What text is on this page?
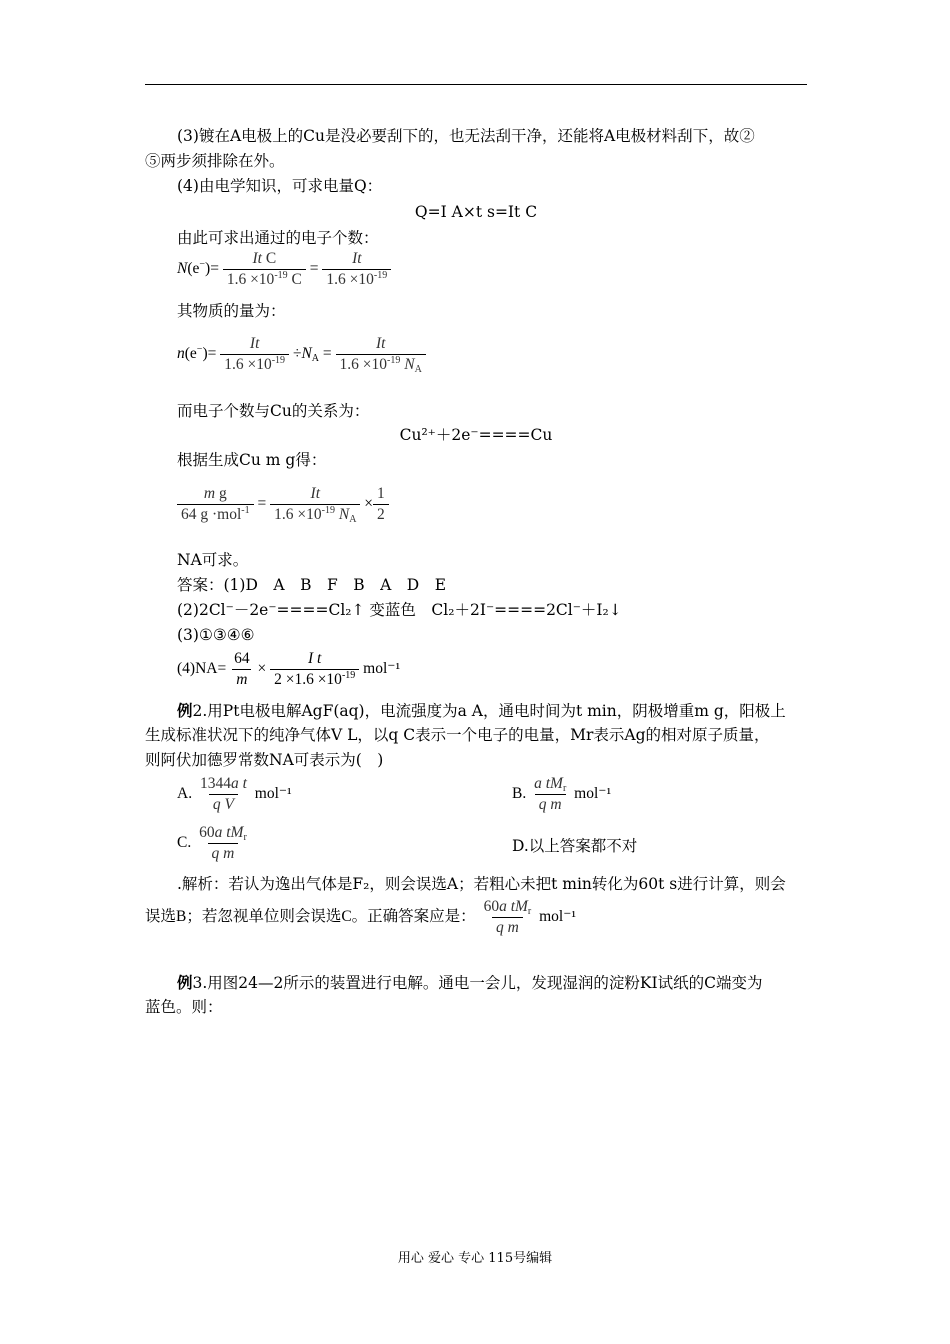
(3)镀在A电极上的Cu是没必要刮下的，也无法刮干净，还能将A电极材料刮下，故②
⑤两步须排除在外。
(4)由电学知识，可求电量Q：
Q=I A×t s=It C
由此可求出通过的电子个数：
$N(e^-)= \frac{\text{It C}}{1.6 \times 10^{-19} C} = \frac{It}{1.6 \times 10^{-19}}$
其物质的量为：
$n(e^-)= \frac{It}{1.6 \times 10^{-19}} \div N_A = \frac{It}{1.6 \times 10^{-19} N_A}$
而电子个数与Cu的关系为：
Cu²⁺＋2e⁻====Cu
根据生成Cu m g得：
$\frac{\text{m g}}{64 g \cdot mol^{-1}} = \frac{It}{1.6 \times 10^{-19} N_A} \times \frac{1}{2}$
NA可求。
答案：(1)D　A　B　F　B　A　D　E
(2)2Cl⁻－2e⁻====Cl₂↑ 变蓝色　Cl₂＋2I⁻====2Cl⁻＋I₂↓
(3)①③④⑥
$(4)NA= \frac{64}{m} \times \frac{\text{I t}}{2 \times 1.6 \times 10^{-19}} mol^{-1}$
例2.用Pt电极电解AgF(aq)，电流强度为a A，通电时间为t min，阴极增重m g，阳极上
生成标准状况下的纯净气体V L，以q C表示一个电子的电量，Mr表示Ag的相对原子质量，
则阿伏加德罗常数NA可表示为(　)
A. $\frac{\text{1344a t}}{\text{q V}} mol^{-1}$	B. $\frac{a tM_r}{\text{q m}} mol^{-1}$
C. $\frac{60a tM_r}{\text{q m}}$	D.以上答案都不对
.解析：若认为逸出气体是F₂，则会误选A；若粗心未把t min转化为60t s进行计算，则会
误选B；若忽视单位则会误选C。正确答案应是： $\frac{60a tM_r}{\text{q m}} mol^{-1}$
例3.用图24—2所示的装置进行电解。通电一会儿，发现湿润的淀粉KI试纸的C端变为
蓝色。则：
用心 爱心 专心 115号编辑
